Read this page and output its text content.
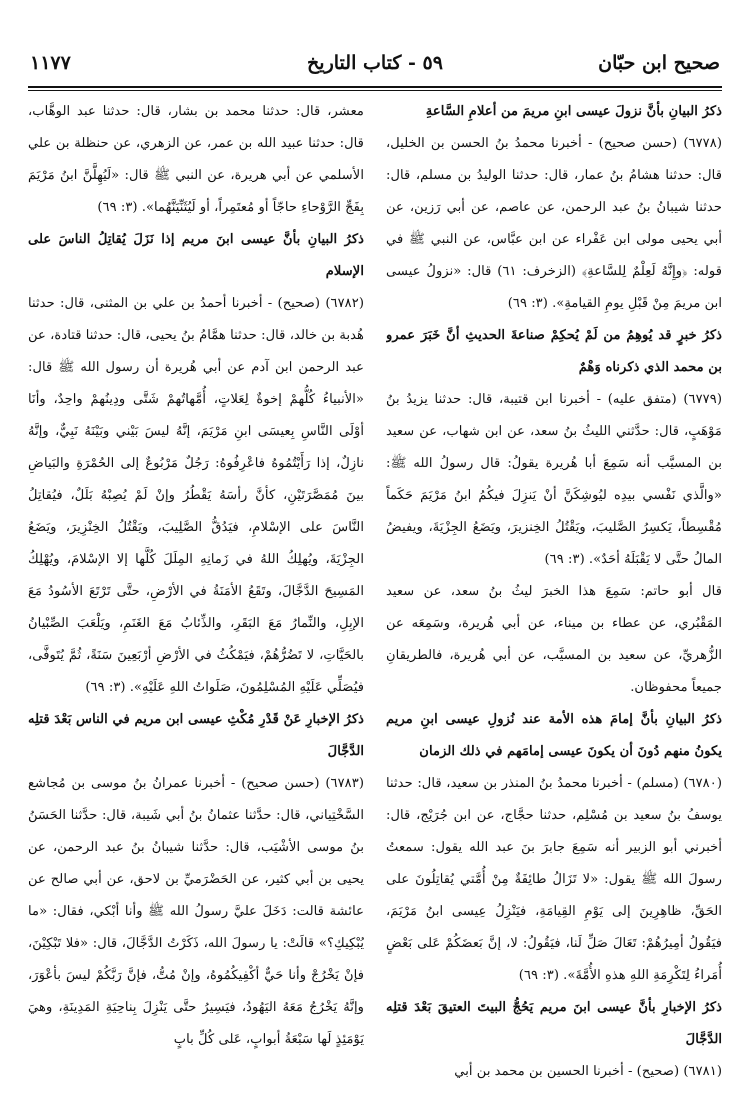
صحيح ابن حبّان
٥٩ - كتاب التاريخ
١١٧٧

ذكرُ البيانِ بأنَّ نزولَ عيسى ابنِ مريمَ من أعلامِ السَّاعةِ

(٦٧٧٨) (حسن صحيح) - أخبرنا محمدُ بنُ الحسن بن الخليل، قال: حدثنا هشامُ بنُ عمار، قال: حدثنا الوليدُ بن مسلم، قال: حدثنا شيبانُ بنُ عبد الرحمن، عن عاصم، عن أبي رَزين، عن أبي يحيى مولى ابن عَفْراء عن ابن عبَّاس، عن النبي ﷺ في قوله: ﴿وإِنَّهُ لَعِلْمٌ لِلسَّاعةِ﴾ (الزخرف: ٦١) قال: «نزولُ عيسى ابن مريمَ مِنْ قَبْلِ يومِ القيامةِ». (٣: ٦٩)

ذكرُ خبرٍ قد يُوهِمُ من لَمْ يُحكِمْ صناعةَ الحديثِ أنَّ خَبَرَ عمرو بن محمد الذي ذكرناه وَهْمٌ

(٦٧٧٩) (متفق عليه) - أخبرنا ابن قتيبة، قال: حدثنا يزيدُ بنُ مَوْهَبٍ، قال: حدَّثني الليثُ بنُ سعد، عن ابن شهاب، عن سعيد بن المسيَّب أنه سَمِعَ أبا هُريرة يقولُ: قال رسولُ الله ﷺ: «والَّذي نَفْسي بيدِه ليُوشِكَنَّ أنْ يَنزِلَ فيكُمُ ابنُ مَرْيَمَ حَكَماً مُقْسِطاً، يَكسِرُ الصَّليبَ، ويَقْتُلُ الخِنزيرَ، ويَضَعُ الجِزْيَةَ، ويفيضُ المالُ حتَّى لا يَقْبَلَهُ أحَدٌ». (٣: ٦٩)

قال أبو حاتم: سَمِعَ هذا الخبرَ ليثُ بنُ سعد، عن سعيد المَقْبُري، عن عطاء بن ميناء، عن أبي هُريرة، وسَمِعَه عن الزُّهريِّ، عن سعيد بن المسيَّب، عن أبي هُريرة، فالطريقانِ جميعاً محفوظان.

ذكرُ البيانِ بأنَّ إمامَ هذه الأمة عند نُزولِ عيسى ابنِ مريم يكونُ منهم دُونَ أن يكونَ عيسى إمامَهم في ذلك الزمان

(٦٧٨٠) (مسلم) - أخبرنا محمدُ بنُ المنذر بن سعيد، قال: حدثنا يوسفُ بنُ سعيد بن مُسْلِم، حدثنا حجَّاج، عن ابن جُرَيْج، قال: أخبرني أبو الزبير أنه سَمِعَ جابرَ بنَ عبد الله يقول: سمعتُ رسولَ الله ﷺ يقول: «لا تَزَالُ طائِفَةٌ مِنْ أُمَّتي يُقاتِلُونَ على الحَقِّ، ظاهِرِينَ إلى يَوْمِ القِيامَةِ، فيَنْزِلُ عِيسى ابنُ مَرْيَمَ، فيَقُولُ أمِيرُهُمْ: تَعَالَ صَلِّ لَنا، فيَقُولُ: لا، إنَّ بَعضَكُمْ عَلى بَعْضٍ أُمَراءُ لِتَكْرِمَةِ اللهِ هذهِ الأُمَّةَ». (٣: ٦٩)

ذكرُ الإخبارِ بأنَّ عيسى ابنَ مريم يَحُجُّ البيتَ العتيقَ بَعْدَ قتلِه الدَّجَّالَ

(٦٧٨١) (صحيح) - أخبرنا الحسين بن محمد بن أبي

معشر، قال: حدثنا محمد بن بشار، قال: حدثنا عبد الوهَّاب، قال: حدثنا عبيد الله بن عمر، عن الزهري، عن حنظلة بن علي الأسلمي عن أبي هريرة، عن النبي ﷺ قال: «لَيُهِلَّنَّ ابنُ مَرْيَمَ بِفَجِّ الرَّوْحاءِ حاجّاً أو مُعتَمِراً، أو لَيُثَنِّيَنَّهُما». (٣: ٦٩)

ذكرُ البيانِ بأنَّ عيسى ابنَ مريم إذا نَزَلَ يُقاتِلُ الناسَ على الإسلام

(٦٧٨٢) (صحيح) - أخبرنا أحمدُ بن علي بن المثنى، قال: حدثنا هُدبة بن خالد، قال: حدثنا همَّامُ بنُ يحيى، قال: حدثنا قتادة، عن عبد الرحمن ابن آدم عن أبي هُريرة أن رسول الله ﷺ قال: «الأنبياءُ كُلُّهمْ إخوةٌ لِعَلاتٍ، أُمَّهاتُهمْ شَتَّى ودِينُهمْ واحِدٌ، وأنَا أوْلَى النَّاسِ بِعيسَى ابنِ مَرْيَمَ، إنَّهُ ليسَ بَيْني وبَيْنَهُ نَبِيٌّ، وإنَّهُ نازِلٌ، إذا رَأَيْتُمُوهُ فاعْرِفُوهُ: رَجُلٌ مَرْبُوعٌ إلى الحُمْرَةِ والبَياضِ بينَ مُمَصَّرَتَيْنِ، كأنَّ رأسَهُ يَقْطُرُ وإنْ لَمْ يُصِبْهُ بَلَلٌ، فيُقاتِلُ النَّاسَ على الإسْلامِ، فيَدُقُّ الصَّلِيبَ، ويَقْتُلُ الخِنْزِيرَ، ويَضَعُ الجِزْيَةَ، ويُهلِكُ اللهُ في زَمانِهِ المِلَلَ كُلَّها إلا الإسْلامَ، ويُهْلِكُ المَسِيحَ الدَّجَّالَ، وتَقَعُ الأمَنَةُ في الأرْضِ، حتَّى تَرْتَعَ الأسُودُ مَعَ الإبِلِ، والنِّمارُ مَعَ البَقَرِ، والذِّئابُ مَعَ الغَنَمِ، ويَلْعَبَ الصِّبْيانُ بالحَيَّاتِ، لا تَضُرُّهُمْ، فيَمْكُثُ في الأرْضِ أرْبَعِينَ سَنَةً، ثُمَّ يُتَوفَّى، فيُصَلِّي عَلَيْهِ المُسْلِمُونَ، صَلَواتُ اللهِ عَلَيْهِ». (٣: ٦٩)

ذكرُ الإخبارِ عَنْ قَدْرِ مُكْثِ عيسى ابن مريم في الناس بَعْدَ قتلِه الدَّجَّالَ

(٦٧٨٣) (حسن صحيح) - أخبرنا عمرانُ بنُ موسى بن مُجاشع السَّخْتِياني، قال: حدَّثنا عثمانُ بنُ أبي شَيبة، قال: حدَّثنا الحَسَنُ بنُ موسى الأشْيَب، قال: حدَّثنا شيبانُ بنُ عبد الرحمن، عن يحيى بن أبي كثير، عن الحَضْرَميِّ بن لاحق، عن أبي صالح عن عائشة قالت: دَخَلَ عليَّ رسولُ الله ﷺ وأنا أبْكي، فقال: «ما يُبْكِيكِ؟» قالَتْ: يا رسولَ الله، ذَكَرْتُ الدَّجَّالَ، قال: «فلا تَبْكِيْنَ، فإنْ يَخْرُجْ وأنا حَيٌّ أكْفِيكُمُوهُ، وإنْ مُتُّ، فإنَّ رَبَّكُمْ ليسَ بأعْوَرَ، وإنَّهُ يَخْرُجُ مَعَهُ اليَهُودُ، فيَسِيرُ حتَّى يَنْزِلَ بِناحِيَةِ المَدِينَةِ، وهيَ يَوْمَئِذٍ لَها سَبْعَةُ أبوابٍ، عَلى كُلِّ بابٍ
